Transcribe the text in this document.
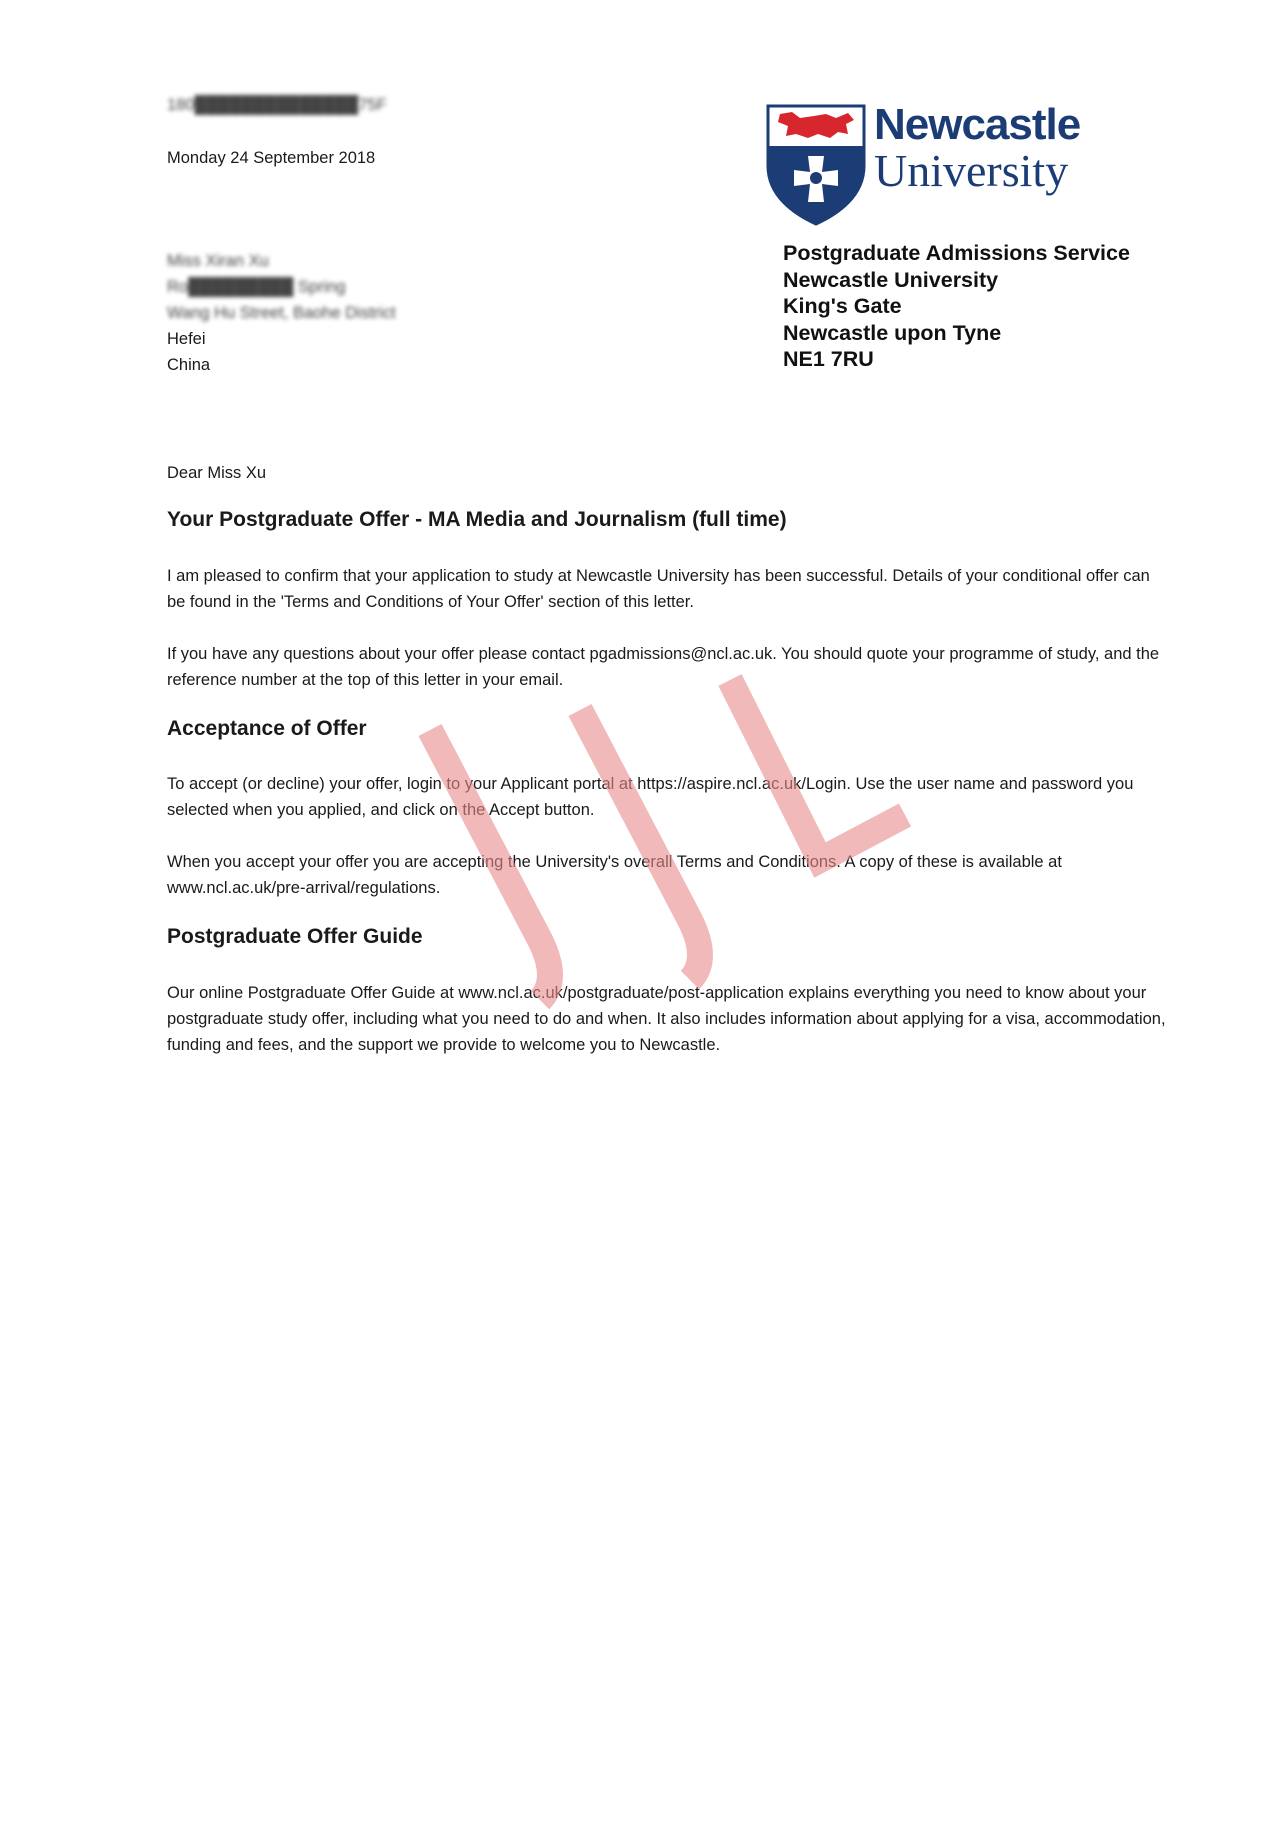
180██████████████75F
Monday 24 September 2018
Miss Xiran Xu
Ro█████████ Spring
Wang Hu Street, Baohe District
Hefei
China
Newcastle
University
Postgraduate Admissions Service
Newcastle University
King's Gate
Newcastle upon Tyne
NE1 7RU
Dear Miss Xu
Your Postgraduate Offer - MA Media and Journalism (full time)
I am pleased to confirm that your application to study at Newcastle University has been successful. Details of your conditional offer can be found in the 'Terms and Conditions of Your Offer' section of this letter.
If you have any questions about your offer please contact pgadmissions@ncl.ac.uk. You should quote your programme of study, and the reference number at the top of this letter in your email.
Acceptance of Offer
To accept (or decline) your offer, login to your Applicant portal at https://aspire.ncl.ac.uk/Login. Use the user name and password you selected when you applied, and click on the Accept button.
When you accept your offer you are accepting the University's overall Terms and Conditions. A copy of these is available at www.ncl.ac.uk/pre-arrival/regulations.
Postgraduate Offer Guide
Our online Postgraduate Offer Guide at www.ncl.ac.uk/postgraduate/post-application explains everything you need to know about your postgraduate study offer, including what you need to do and when. It also includes information about applying for a visa, accommodation, funding and fees, and the support we provide to welcome you to Newcastle.
